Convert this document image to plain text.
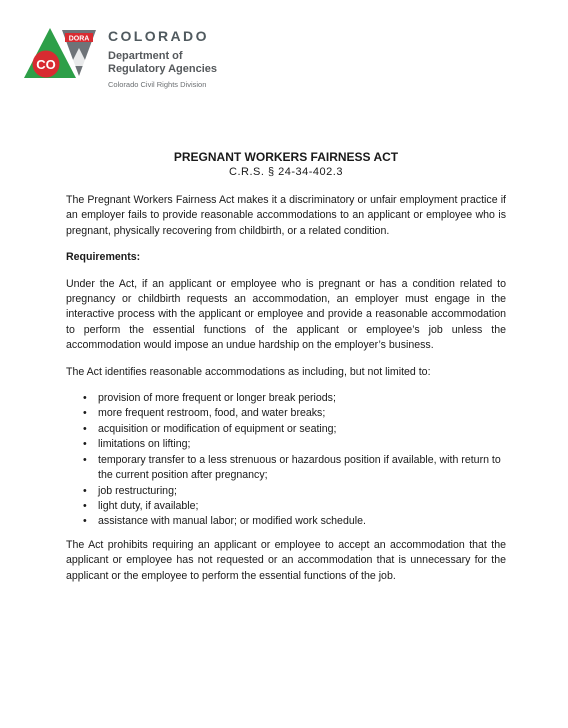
CO
DORA COLORADO
Department of
Regulatory Agencies
Colorado Civil Rights Division
PREGNANT WORKERS FAIRNESS ACT
C.R.S. § 24-34-402.3

The Pregnant Workers Fairness Act makes it a discriminatory or unfair employment practice if an employer fails to provide reasonable accommodations to an applicant or employee who is pregnant, physically recovering from childbirth, or a related condition.

Requirements:

Under the Act, if an applicant or employee who is pregnant or has a condition related to pregnancy or childbirth requests an accommodation, an employer must engage in the interactive process with the applicant or employee and provide a reasonable accommodation to perform the essential functions of the applicant or employee’s job unless the accommodation would impose an undue hardship on the employer’s business.

The Act identifies reasonable accommodations as including, but not limited to:

• provision of more frequent or longer break periods;
• more frequent restroom, food, and water breaks;
• acquisition or modification of equipment or seating;
• limitations on lifting;
• temporary transfer to a less strenuous or hazardous position if available, with return to the current position after pregnancy;
• job restructuring;
• light duty, if available;
• assistance with manual labor; or modified work schedule.

The Act prohibits requiring an applicant or employee to accept an accommodation that the applicant or employee has not requested or an accommodation that is unnecessary for the applicant or the employee to perform the essential functions of the job.
